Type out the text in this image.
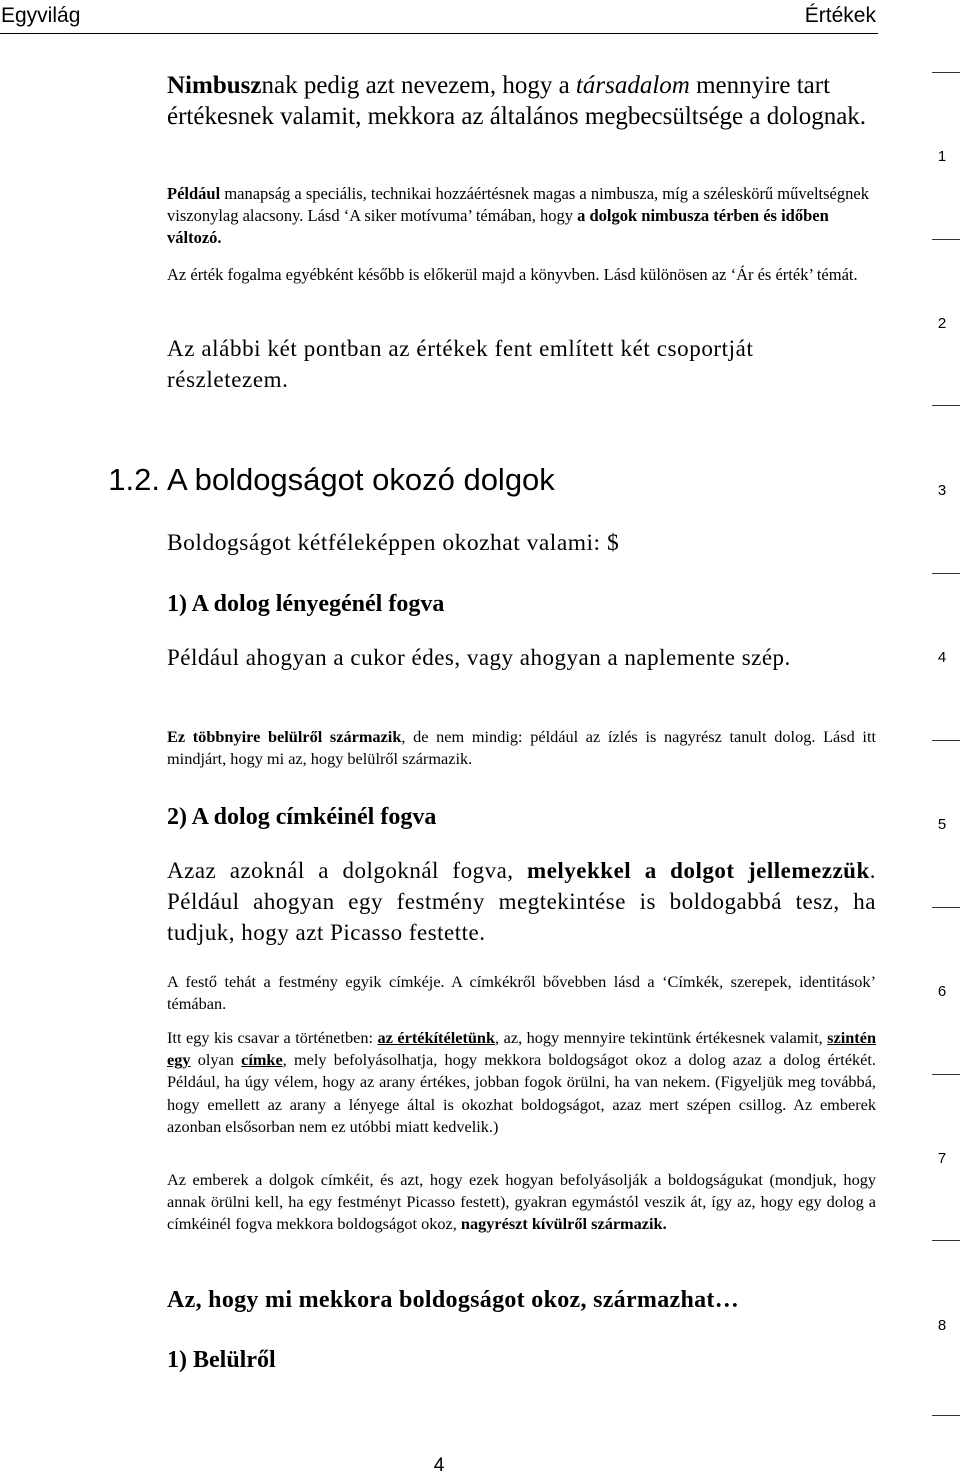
Egyvilág	Értékek

Nimbusznak pedig azt nevezem, hogy a társadalom mennyire tart értékesnek valamit, mekkora az általános megbecsültsége a dolognak.

Például manapság a speciális, technikai hozzáértésnek magas a nimbusza, míg a széleskörű műveltségnek viszonylag alacsony. Lásd ‘A siker motívuma’ témában, hogy a dolgok nimbusza térben és időben változó.

Az érték fogalma egyébként később is előkerül majd a könyvben. Lásd különösen az ‘Ár és érték’ témát.

Az alábbi két pontban az értékek fent említett két csoportját részletezem.

1.2. A boldogságot okozó dolgok

Boldogságot kétféleképpen okozhat valami: $

1) A dolog lényegénél fogva

Például ahogyan a cukor édes, vagy ahogyan a naplemente szép.

Ez többnyire belülről származik, de nem mindig: például az ízlés is nagyrész tanult dolog. Lásd itt mindjárt, hogy mi az, hogy belülről származik.

2) A dolog címkéinél fogva

Azaz azoknál a dolgoknál fogva, melyekkel a dolgot jellemezzük. Például ahogyan egy festmény megtekintése is boldogabbá tesz, ha tudjuk, hogy azt Picasso festette.

A festő tehát a festmény egyik címkéje. A címkékről bővebben lásd a ‘Címkék, szerepek, identitások’ témában.

Itt egy kis csavar a történetben: az értékítéletünk, az, hogy mennyire tekintünk értékesnek valamit, szintén egy olyan címke, mely befolyásolhatja, hogy mekkora boldogságot okoz a dolog azaz a dolog értékét. Például, ha úgy vélem, hogy az arany értékes, jobban fogok örülni, ha van nekem. (Figyeljük meg továbbá, hogy emellett az arany a lényege által is okozhat boldogságot, azaz mert szépen csillog. Az emberek azonban elsősorban nem ez utóbbi miatt kedvelik.)

Az emberek a dolgok címkéit, és azt, hogy ezek hogyan befolyásolják a boldogságukat (mondjuk, hogy annak örülni kell, ha egy festményt Picasso festett), gyakran egymástól veszik át, így az, hogy egy dolog a címkéinél fogva mekkora boldogságot okoz, nagyrészt kívülről származik.

Az, hogy mi mekkora boldogságot okoz, származhat…

1) Belülről

1
2
3
4
5
6
7
8
4
